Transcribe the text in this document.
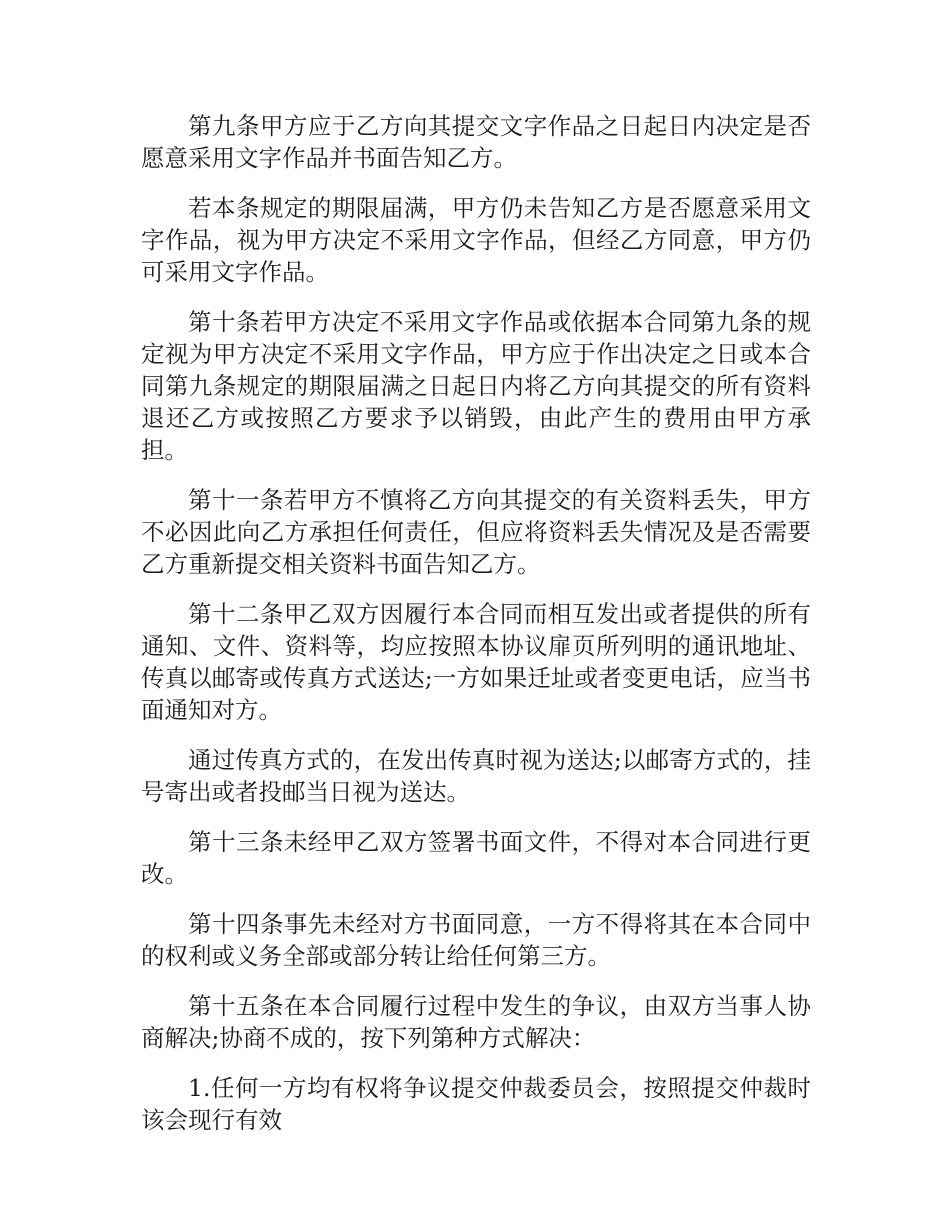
第九条甲方应于乙方向其提交文字作品之日起日内决定是否愿意采用文字作品并书面告知乙方。

若本条规定的期限届满，甲方仍未告知乙方是否愿意采用文字作品，视为甲方决定不采用文字作品，但经乙方同意，甲方仍可采用文字作品。

第十条若甲方决定不采用文字作品或依据本合同第九条的规定视为甲方决定不采用文字作品，甲方应于作出决定之日或本合同第九条规定的期限届满之日起日内将乙方向其提交的所有资料退还乙方或按照乙方要求予以销毁，由此产生的费用由甲方承担。

第十一条若甲方不慎将乙方向其提交的有关资料丢失，甲方不必因此向乙方承担任何责任，但应将资料丢失情况及是否需要乙方重新提交相关资料书面告知乙方。

第十二条甲乙双方因履行本合同而相互发出或者提供的所有通知、文件、资料等，均应按照本协议扉页所列明的通讯地址、传真以邮寄或传真方式送达;一方如果迁址或者变更电话，应当书面通知对方。

通过传真方式的，在发出传真时视为送达;以邮寄方式的，挂号寄出或者投邮当日视为送达。

第十三条未经甲乙双方签署书面文件，不得对本合同进行更改。

第十四条事先未经对方书面同意，一方不得将其在本合同中的权利或义务全部或部分转让给任何第三方。

第十五条在本合同履行过程中发生的争议，由双方当事人协商解决;协商不成的，按下列第种方式解决：

1.任何一方均有权将争议提交仲裁委员会，按照提交仲裁时该会现行有效
